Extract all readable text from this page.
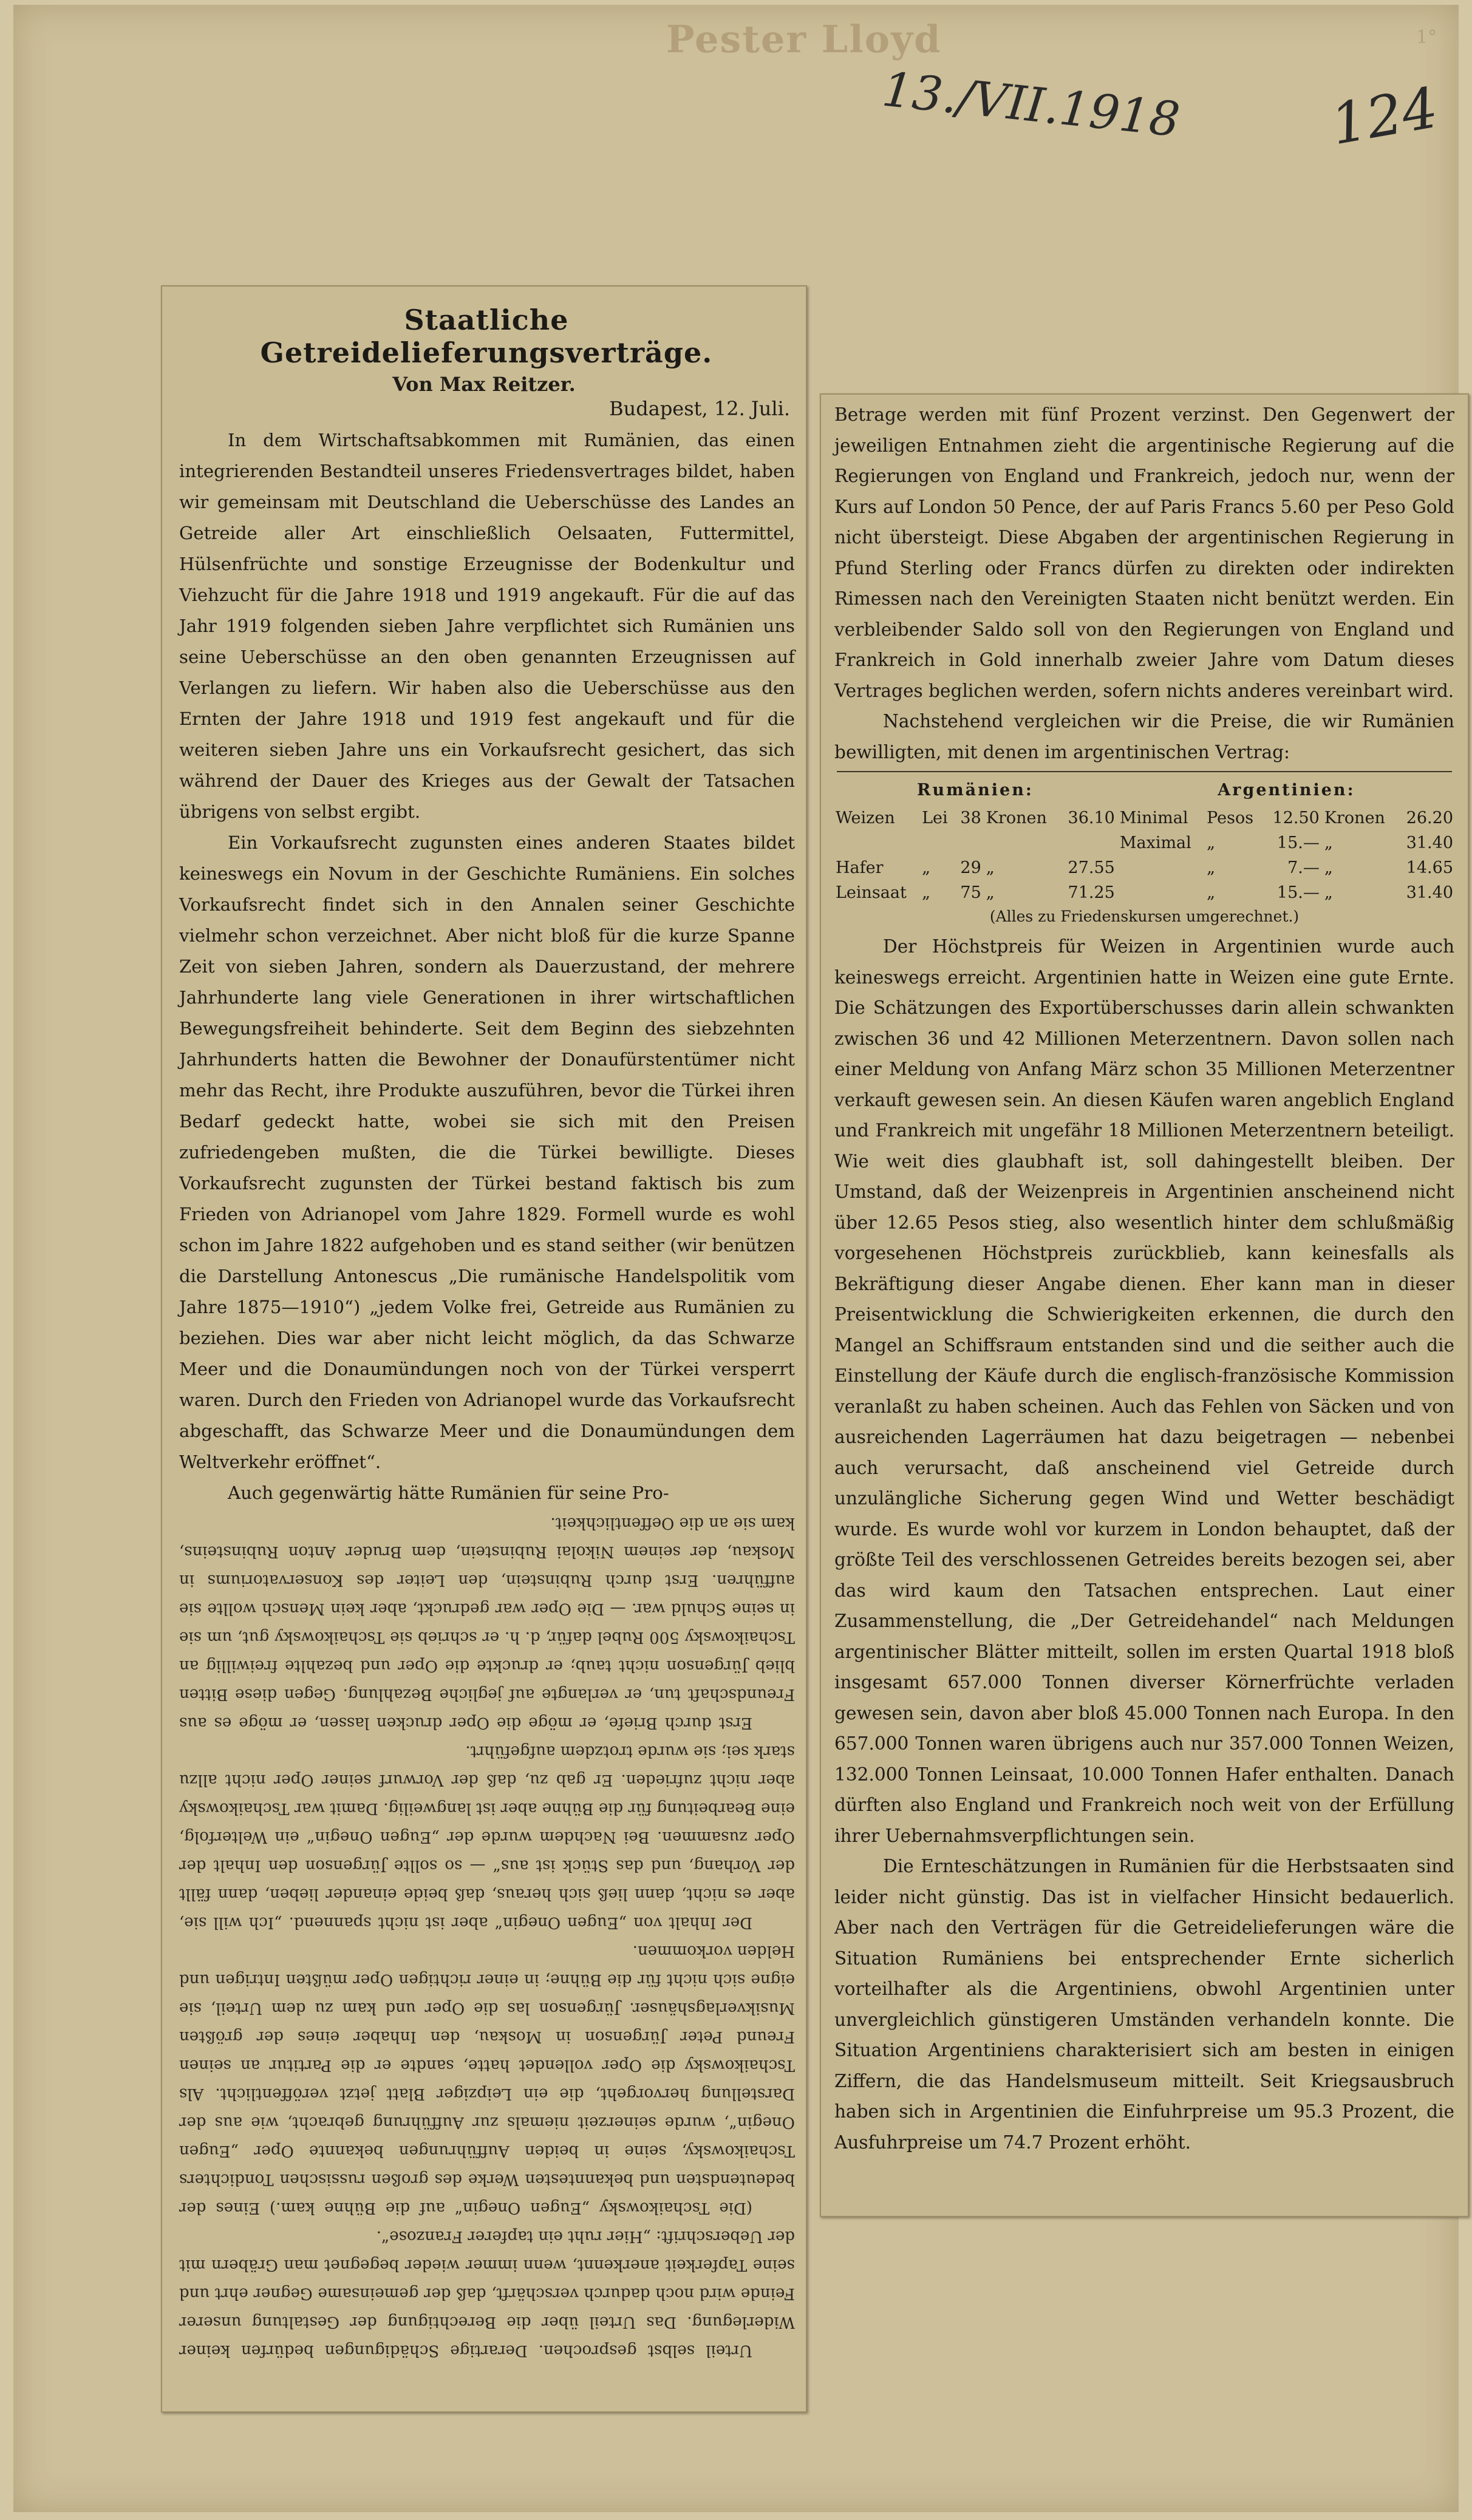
Pester Lloyd
13./VII.1918	124
1°
Staatliche Getreidelieferungsverträge.
Von Max Reitzer.
Budapest, 12. Juli.

In dem Wirtschaftsabkommen mit Rumänien, das einen integrierenden Bestandteil unseres Friedensvertrages bildet, haben wir gemeinsam mit Deutschland die Ueberschüsse des Landes an Getreide aller Art einschließlich Oelsaaten, Futtermittel, Hülsenfrüchte und sonstige Erzeugnisse der Bodenkultur und Viehzucht für die Jahre 1918 und 1919 angekauft. Für die auf das Jahr 1919 folgenden sieben Jahre verpflichtet sich Rumänien uns seine Ueberschüsse an den oben genannten Erzeugnissen auf Verlangen zu liefern. Wir haben also die Ueberschüsse aus den Ernten der Jahre 1918 und 1919 fest angekauft und für die weiteren sieben Jahre uns ein Vorkaufsrecht gesichert, das sich während der Dauer des Krieges aus der Gewalt der Tatsachen übrigens von selbst ergibt.

Ein Vorkaufsrecht zugunsten eines anderen Staates bildet keineswegs ein Novum in der Geschichte Rumäniens. Ein solches Vorkaufsrecht findet sich in den Annalen seiner Geschichte vielmehr schon verzeichnet. Aber nicht bloß für die kurze Spanne Zeit von sieben Jahren, sondern als Dauerzustand, der mehrere Jahrhunderte lang viele Generationen in ihrer wirtschaftlichen Bewegungsfreiheit behinderte. Seit dem Beginn des siebzehnten Jahrhunderts hatten die Bewohner der Donaufürstentümer nicht mehr das Recht, ihre Produkte auszuführen, bevor die Türkei ihren Bedarf gedeckt hatte, wobei sie sich mit den Preisen zufriedengeben mußten, die die Türkei bewilligte. Dieses Vorkaufsrecht zugunsten der Türkei bestand faktisch bis zum Frieden von Adrianopel vom Jahre 1829. Formell wurde es wohl schon im Jahre 1822 aufgehoben und es stand seither (wir benützen die Darstellung Antonescus „Die rumänische Handelspolitik vom Jahre 1875—1910“) „jedem Volke frei, Getreide aus Rumänien zu beziehen. Dies war aber nicht leicht möglich, da das Schwarze Meer und die Donaumündungen noch von der Türkei versperrt waren. Durch den Frieden von Adrianopel wurde das Vorkaufsrecht abgeschafft, das Schwarze Meer und die Donaumündungen dem Weltverkehr eröffnet“.

Auch gegenwärtig hätte Rumänien für seine Pro-

Urteil selbst gesprochen. Derartige Schädigungen bedürfen keiner Widerlegung. Das Urteil über die Berechtigung der Gestaltung unserer Feinde wird noch dadurch verschärft, daß der gemeinsame Gegner ehrt und seine Tapferkeit anerkennt, wenn immer wieder begegnet man Gräbern mit der Ueberschrift: „Hier ruht ein tapferer Franzose“.

(Die Tschaikowsky „Eugen Onegin“ auf die Bühne kam.) Eines der bedeutendsten und bekanntesten Werke des großen russischen Tondichters Tschaikowsky, seine in beiden Aufführungen bekannte Oper „Eugen Onegin“, wurde seinerzeit niemals zur Aufführung gebracht, wie aus der Darstellung hervorgeht, die ein Leipziger Blatt jetzt veröffentlicht. Als Tschaikowsky die Oper vollendet hatte, sandte er die Partitur an seinen Freund Peter Jürgenson in Moskau, den Inhaber eines der größten Musikverlagshäuser. Jürgenson las die Oper und kam zu dem Urteil, sie eigne sich nicht für die Bühne; in einer richtigen Oper müßten Intrigen und Helden vorkommen.

Der Inhalt von „Eugen Onegin“ aber ist nicht spannend. „Ich will sie, aber es nicht, dann ließ sich heraus, daß beide einander lieben, dann fällt der Vorhang, und das Stück ist aus“ — so sollte Jürgenson den Inhalt der Oper zusammen. Bei Nachdem wurde der „Eugen Onegin“ ein Welterfolg, eine Bearbeitung für die Bühne aber ist langweilig. Damit war Tschaikowsky aber nicht zufrieden. Er gab zu, daß der Vorwurf seiner Oper nicht allzu stark sei; sie wurde trotzdem aufgeführt.

Erst durch Briefe, er möge die Oper drucken lassen, er möge es aus Freundschaft tun, er verlangte auf jegliche Bezahlung. Gegen diese Bitten blieb Jürgenson nicht taub; er druckte die Oper und bezahlte freiwillig an Tschaikowsky 500 Rubel dafür, d. h. er schrieb sie Tschaikowsky gut, um sie in seine Schuld war. — Die Oper war gedruckt, aber kein Mensch wollte sie aufführen. Erst durch Rubinstein, den Leiter des Konservatoriums in Moskau, der seinem Nikolai Rubinstein, dem Bruder Anton Rubinsteins, kam sie an die Oeffentlichkeit.

Betrage werden mit fünf Prozent verzinst. Den Gegenwert der jeweiligen Entnahmen zieht die argentinische Regierung auf die Regierungen von England und Frankreich, jedoch nur, wenn der Kurs auf London 50 Pence, der auf Paris Francs 5.60 per Peso Gold nicht übersteigt. Diese Abgaben der argentinischen Regierung in Pfund Sterling oder Francs dürfen zu direkten oder indirekten Rimessen nach den Vereinigten Staaten nicht benützt werden. Ein verbleibender Saldo soll von den Regierungen von England und Frankreich in Gold innerhalb zweier Jahre vom Datum dieses Vertrages beglichen werden, sofern nichts anderes vereinbart wird.

Nachstehend vergleichen wir die Preise, die wir Rumänien bewilligten, mit denen im argentinischen Vertrag:

Rumänien:					Argentinien:				
Weizen	Lei	38	Kronen	36.10	Minimal	Pesos	12.50	Kronen	26.20
					Maximal	„	15.—	„	31.40
Hafer	„	29	„	27.55		„	7.—	„	14.65
Leinsaat	„	75	„	71.25		„	15.—	„	31.40
(Alles zu Friedenskursen umgerechnet.)

Der Höchstpreis für Weizen in Argentinien wurde auch keineswegs erreicht. Argentinien hatte in Weizen eine gute Ernte. Die Schätzungen des Exportüberschusses darin allein schwankten zwischen 36 und 42 Millionen Meterzentnern. Davon sollen nach einer Meldung von Anfang März schon 35 Millionen Meterzentner verkauft gewesen sein. An diesen Käufen waren angeblich England und Frankreich mit ungefähr 18 Millionen Meterzentnern beteiligt. Wie weit dies glaubhaft ist, soll dahingestellt bleiben. Der Umstand, daß der Weizenpreis in Argentinien anscheinend nicht über 12.65 Pesos stieg, also wesentlich hinter dem schlußmäßig vorgesehenen Höchstpreis zurückblieb, kann keinesfalls als Bekräftigung dieser Angabe dienen. Eher kann man in dieser Preisentwicklung die Schwierigkeiten erkennen, die durch den Mangel an Schiffsraum entstanden sind und die seither auch die Einstellung der Käufe durch die englisch-französische Kommission veranlaßt zu haben scheinen. Auch das Fehlen von Säcken und von ausreichenden Lagerräumen hat dazu beigetragen — nebenbei auch verursacht, daß anscheinend viel Getreide durch unzulängliche Sicherung gegen Wind und Wetter beschädigt wurde. Es wurde wohl vor kurzem in London behauptet, daß der größte Teil des verschlossenen Getreides bereits bezogen sei, aber das wird kaum den Tatsachen entsprechen. Laut einer Zusammenstellung, die „Der Getreidehandel“ nach Meldungen argentinischer Blätter mitteilt, sollen im ersten Quartal 1918 bloß insgesamt 657.000 Tonnen diverser Körnerfrüchte verladen gewesen sein, davon aber bloß 45.000 Tonnen nach Europa. In den 657.000 Tonnen waren übrigens auch nur 357.000 Tonnen Weizen, 132.000 Tonnen Leinsaat, 10.000 Tonnen Hafer enthalten. Danach dürften also England und Frankreich noch weit von der Erfüllung ihrer Uebernahmsverpflichtungen sein.

Die Ernteschätzungen in Rumänien für die Herbstsaaten sind leider nicht günstig. Das ist in vielfacher Hinsicht bedauerlich. Aber nach den Verträgen für die Getreidelieferungen wäre die Situation Rumäniens bei entsprechender Ernte sicherlich vorteilhafter als die Argentiniens, obwohl Argentinien unter unvergleichlich günstigeren Umständen verhandeln konnte. Die Situation Argentiniens charakterisiert sich am besten in einigen Ziffern, die das Handelsmuseum mitteilt. Seit Kriegsausbruch haben sich in Argentinien die Einfuhrpreise um 95.3 Prozent, die Ausfuhrpreise um 74.7 Prozent erhöht.
